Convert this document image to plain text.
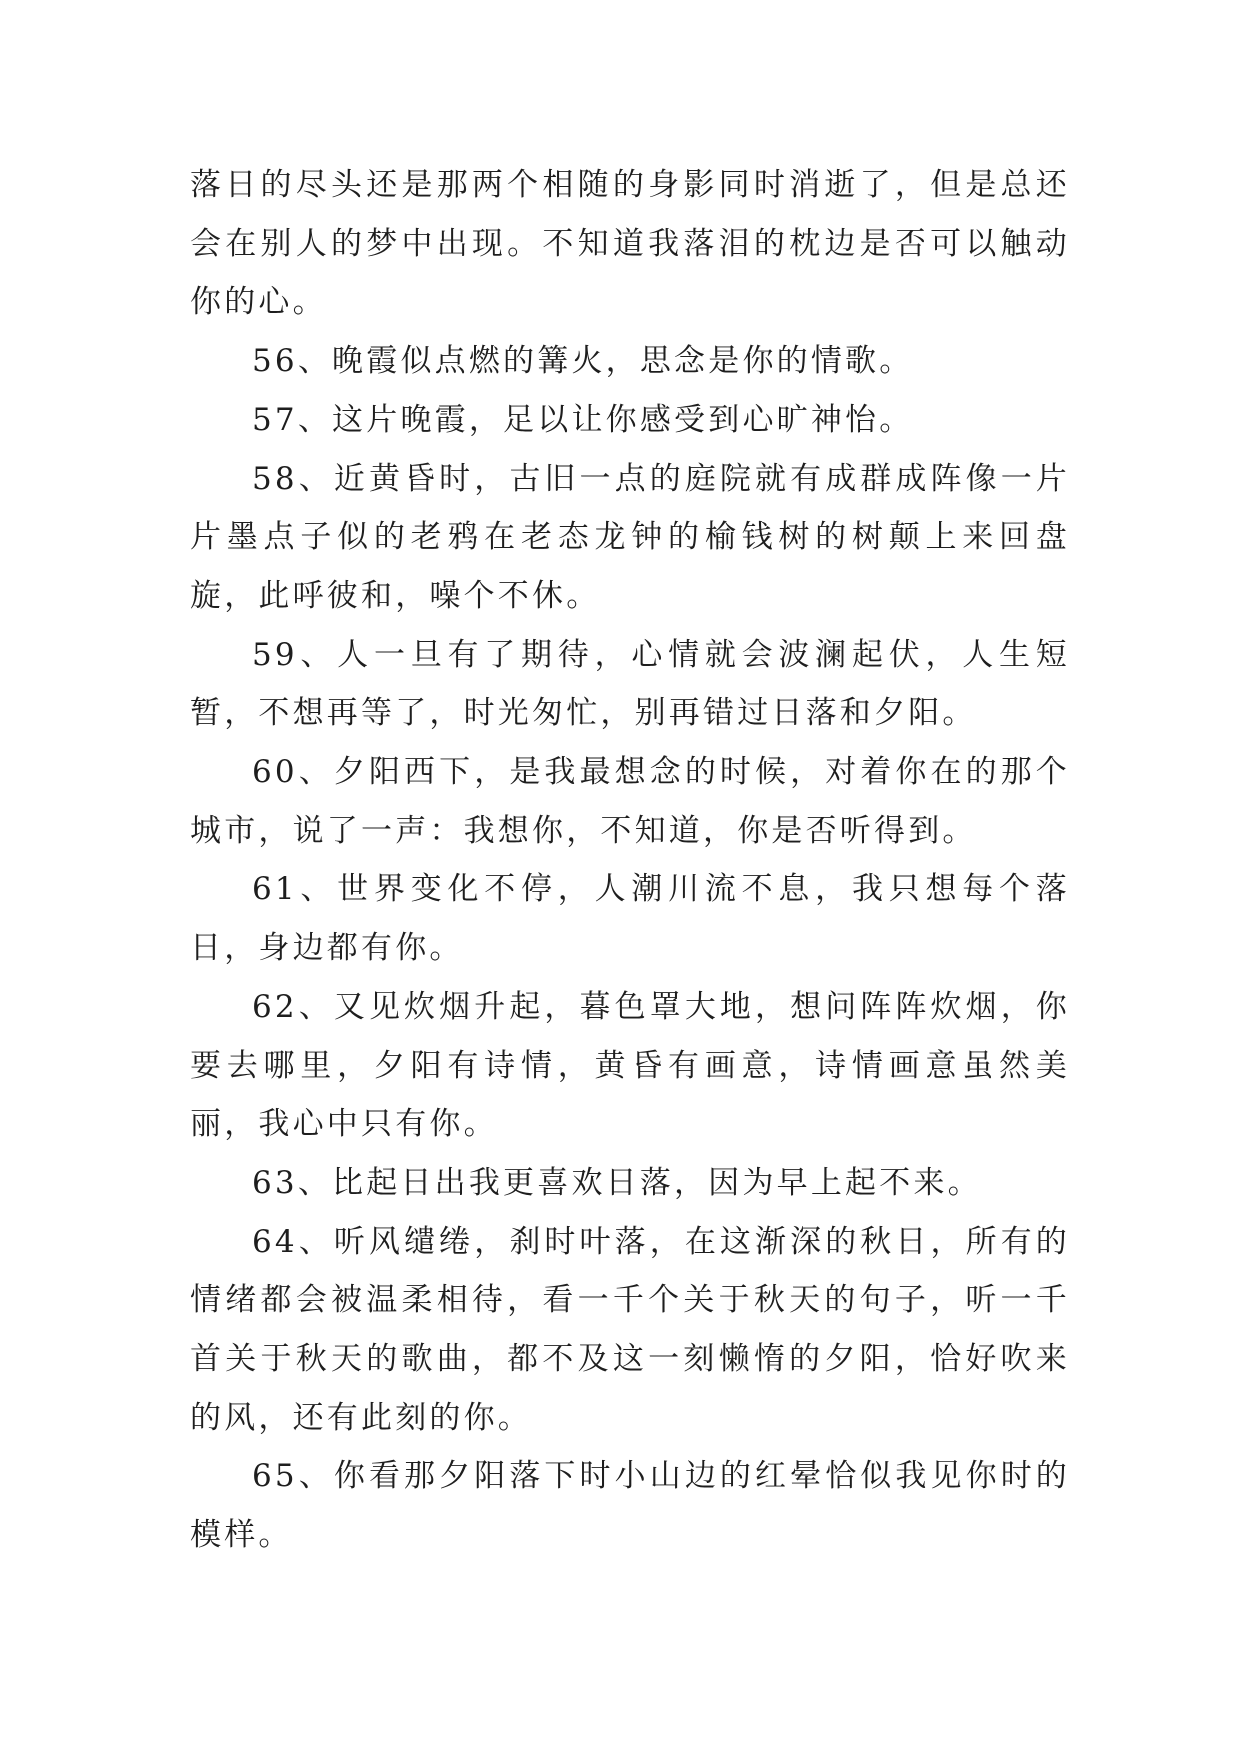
落日的尽头还是那两个相随的身影同时消逝了，但是总还会在别人的梦中出现。不知道我落泪的枕边是否可以触动你的心。

56、晚霞似点燃的篝火，思念是你的情歌。

57、这片晚霞，足以让你感受到心旷神怡。

58、近黄昏时，古旧一点的庭院就有成群成阵像一片片墨点子似的老鸦在老态龙钟的榆钱树的树颠上来回盘旋，此呼彼和，噪个不休。

59、人一旦有了期待，心情就会波澜起伏，人生短暂，不想再等了，时光匆忙，别再错过日落和夕阳。

60、夕阳西下，是我最想念的时候，对着你在的那个城市，说了一声：我想你，不知道，你是否听得到。

61、世界变化不停，人潮川流不息，我只想每个落日，身边都有你。

62、又见炊烟升起，暮色罩大地，想问阵阵炊烟，你要去哪里，夕阳有诗情，黄昏有画意，诗情画意虽然美丽，我心中只有你。

63、比起日出我更喜欢日落，因为早上起不来。

64、听风缱绻，刹时叶落，在这渐深的秋日，所有的情绪都会被温柔相待，看一千个关于秋天的句子，听一千首关于秋天的歌曲，都不及这一刻懒惰的夕阳，恰好吹来的风，还有此刻的你。

65、你看那夕阳落下时小山边的红晕恰似我见你时的模样。
